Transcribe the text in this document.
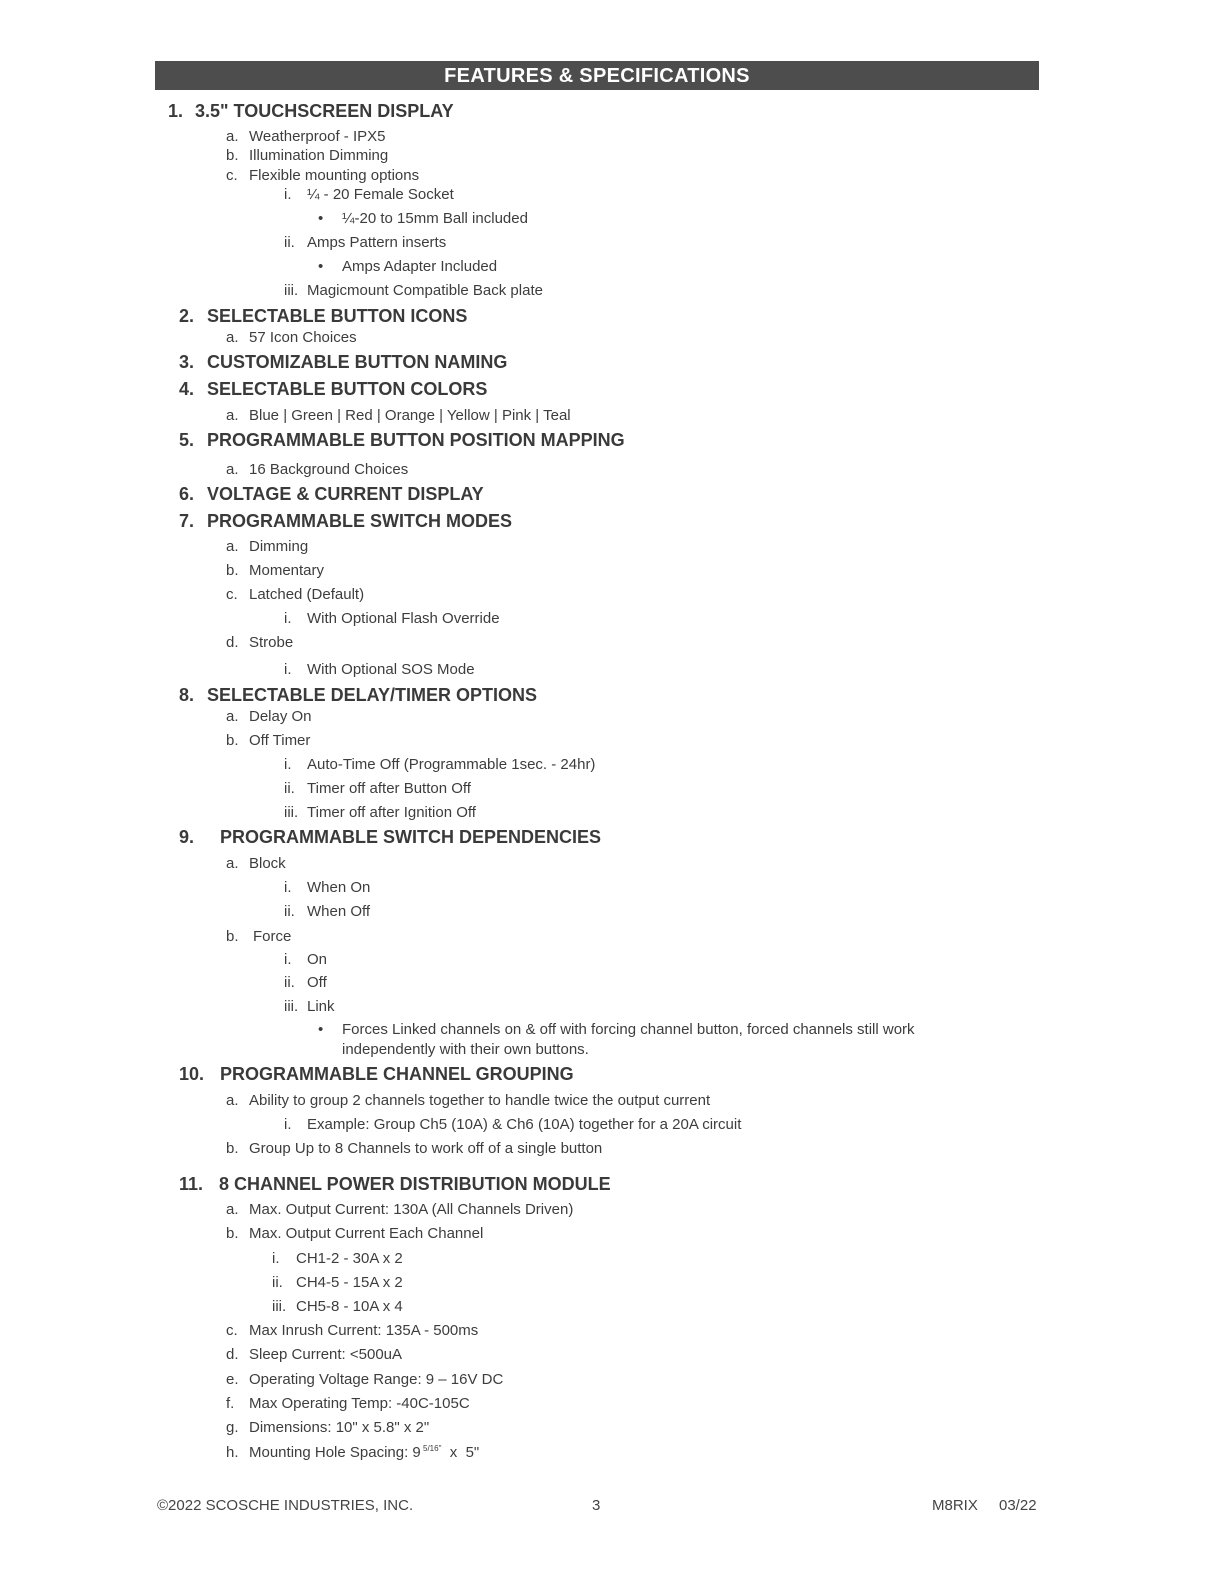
FEATURES & SPECIFICATIONS
1. 3.5" TOUCHSCREEN DISPLAY
a. Weatherproof - IPX5
b. Illumination Dimming
c. Flexible mounting options
i. ¼ - 20 Female Socket
• ¼-20 to 15mm Ball included
ii. Amps Pattern inserts
• Amps Adapter Included
iii. Magicmount Compatible Back plate
2. SELECTABLE BUTTON ICONS
a. 57 Icon Choices
3. CUSTOMIZABLE BUTTON NAMING
4. SELECTABLE BUTTON COLORS
a. Blue | Green | Red | Orange | Yellow | Pink | Teal
5. PROGRAMMABLE BUTTON POSITION MAPPING
a. 16 Background Choices
6. VOLTAGE & CURRENT DISPLAY
7. PROGRAMMABLE SWITCH MODES
a. Dimming
b. Momentary
c. Latched (Default)
i. With Optional Flash Override
d. Strobe
i. With Optional SOS Mode
8. SELECTABLE DELAY/TIMER OPTIONS
a. Delay On
b. Off Timer
i. Auto-Time Off (Programmable 1sec. - 24hr)
ii. Timer off after Button Off
iii. Timer off after Ignition Off
9. PROGRAMMABLE SWITCH DEPENDENCIES
a. Block
i. When On
ii. When Off
b. Force
i. On
ii. Off
iii. Link
• Forces Linked channels on & off with forcing channel button, forced channels still work
independently with their own buttons.
10. PROGRAMMABLE CHANNEL GROUPING
a. Ability to group 2 channels together to handle twice the output current
i. Example: Group Ch5 (10A) & Ch6 (10A) together for a 20A circuit
b. Group Up to 8 Channels to work off of a single button
11. 8 CHANNEL POWER DISTRIBUTION MODULE
a. Max. Output Current: 130A (All Channels Driven)
b. Max. Output Current Each Channel
i. CH1-2 - 30A x 2
ii. CH4-5 - 15A x 2
iii. CH5-8 - 10A x 4
c. Max Inrush Current: 135A - 500ms
d. Sleep Current: <500uA
e. Operating Voltage Range: 9 – 16V DC
f. Max Operating Temp: -40C-105C
g. Dimensions: 10" x 5.8" x 2"
h. Mounting Hole Spacing: 9 $^{5/16"}$  x  5"
©2022 SCOSCHE INDUSTRIES, INC.	3	M8RIX 03/22
